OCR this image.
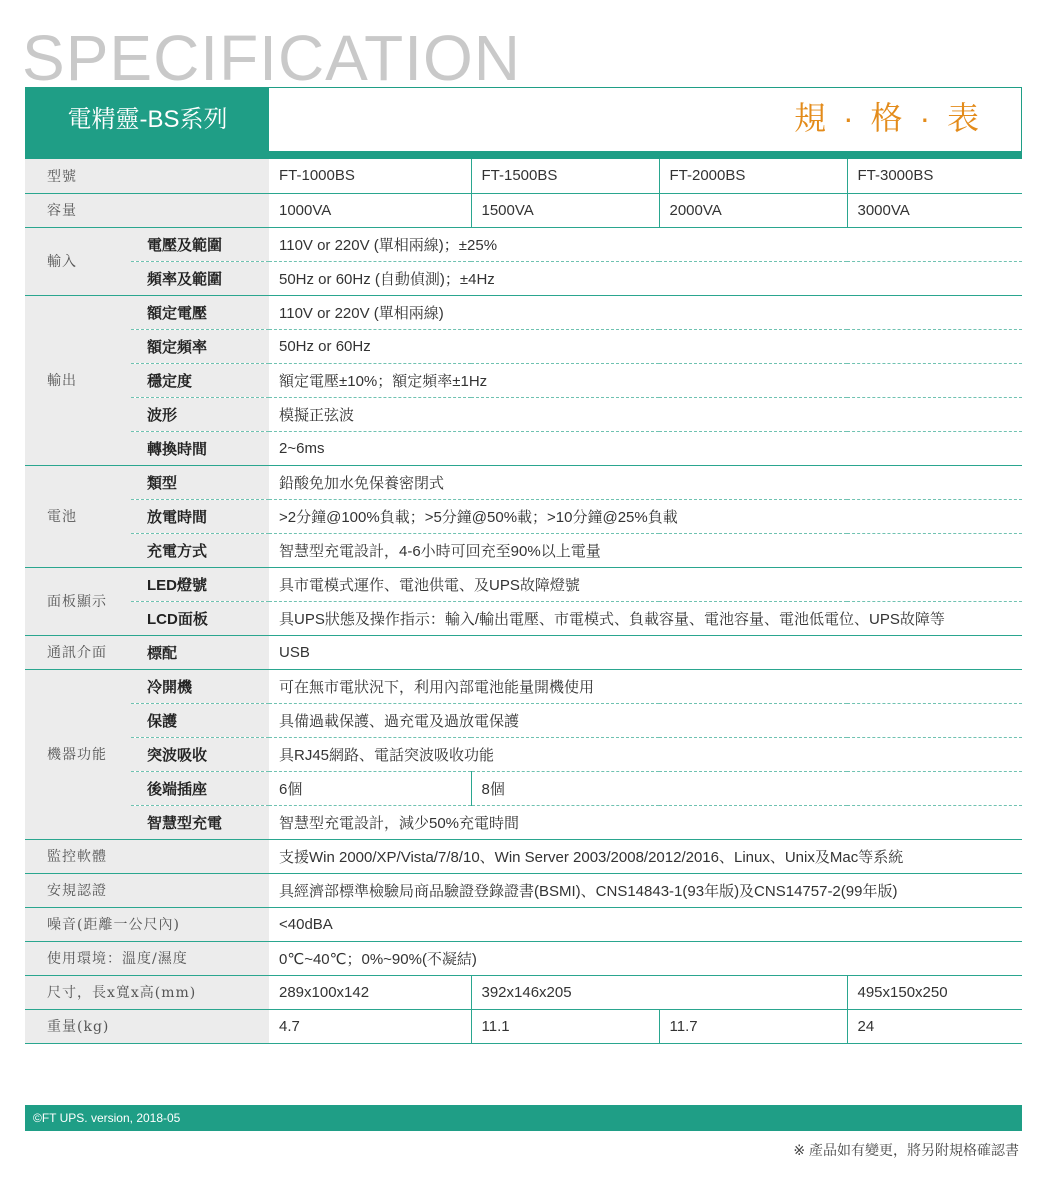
SPECIFICATION
電精靈-BS系列	規 · 格 · 表
型號		FT-1000BS	FT-1500BS	FT-2000BS	FT-3000BS
容量		1000VA	1500VA	2000VA	3000VA
輸入	電壓及範圍	110V or 220V (單相兩線)；±25%			
	頻率及範圍	50Hz or 60Hz (自動偵測)；±4Hz			
輸出	額定電壓	110V or 220V (單相兩線)			
	額定頻率	50Hz or 60Hz			
	穩定度	額定電壓±10%；額定頻率±1Hz			
	波形	模擬正弦波			
	轉換時間	2~6ms			
電池	類型	鉛酸免加水免保養密閉式			
	放電時間	>2分鐘@100%負載；>5分鐘@50%載；>10分鐘@25%負載			
	充電方式	智慧型充電設計，4-6小時可回充至90%以上電量			
面板顯示	LED燈號	具市電模式運作、電池供電、及UPS故障燈號			
	LCD面板	具UPS狀態及操作指示：輸入/輸出電壓、市電模式、負載容量、電池容量、電池低電位、UPS故障等			
通訊介面	標配	USB			
機器功能	冷開機	可在無市電狀況下，利用內部電池能量開機使用			
	保護	具備過載保護、過充電及過放電保護			
	突波吸收	具RJ45網路、電話突波吸收功能			
	後端插座	6個	8個		
	智慧型充電	智慧型充電設計，減少50%充電時間			
監控軟體		支援Win 2000/XP/Vista/7/8/10、Win Server 2003/2008/2012/2016、Linux、Unix及Mac等系統			
安規認證		具經濟部標準檢驗局商品驗證登錄證書(BSMI)、CNS14843-1(93年版)及CNS14757-2(99年版)			
噪音(距離一公尺內)		<40dBA			
使用環境：溫度/濕度		0℃~40℃；0%~90%(不凝結)			
尺寸，長x寬x高(mm)		289x100x142	392x146x205		495x150x250
重量(kg)		4.7	11.1	11.7	24
©FT UPS. version, 2018-05
※ 產品如有變更，將另附規格確認書
